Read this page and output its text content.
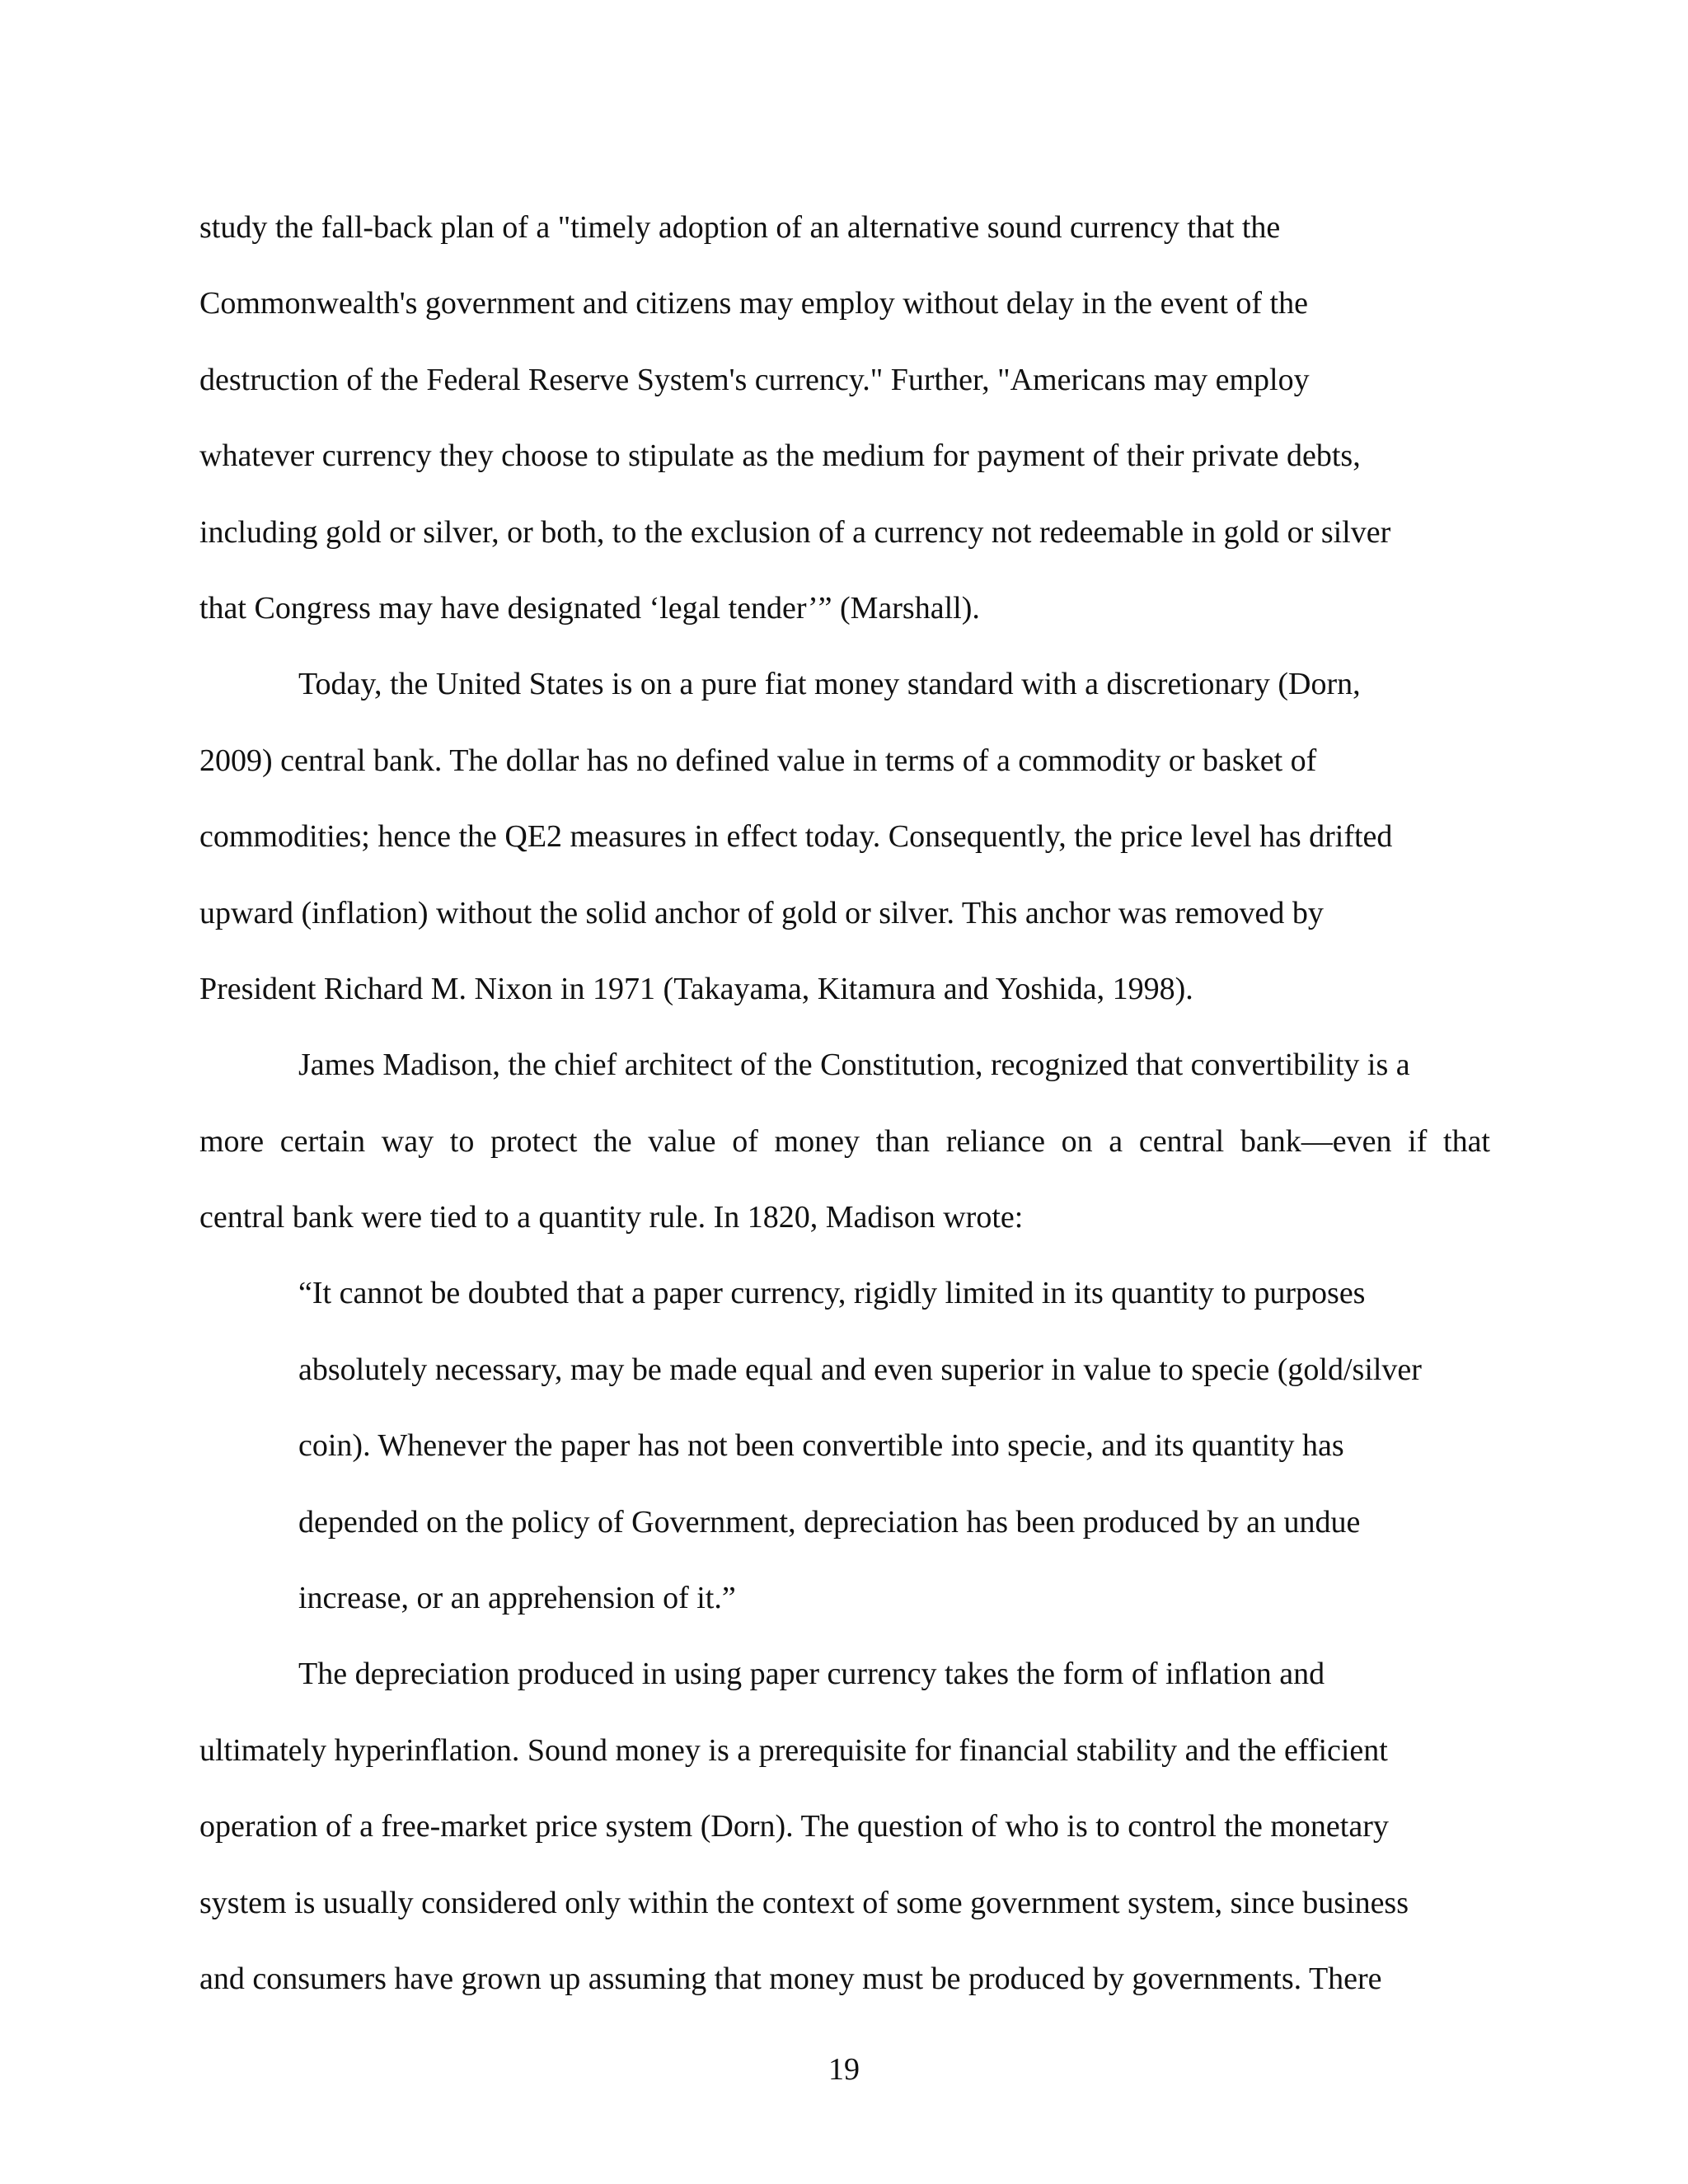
study the fall-back plan of a "timely adoption of an alternative sound currency that the
Commonwealth's government and citizens may employ without delay in the event of the
destruction of the Federal Reserve System's currency." Further, "Americans may employ
whatever currency they choose to stipulate as the medium for payment of their private debts,
including gold or silver, or both, to the exclusion of a currency not redeemable in gold or silver
that Congress may have designated ‘legal tender’” (Marshall).
Today, the United States is on a pure fiat money standard with a discretionary (Dorn,
2009) central bank. The dollar has no defined value in terms of a commodity or basket of
commodities; hence the QE2 measures in effect today. Consequently, the price level has drifted
upward (inflation) without the solid anchor of gold or silver. This anchor was removed by
President Richard M. Nixon in 1971 (Takayama, Kitamura and Yoshida, 1998).
James Madison, the chief architect of the Constitution, recognized that convertibility is a
more certain way to protect the value of money than reliance on a central bank—even if that
central bank were tied to a quantity rule. In 1820, Madison wrote:
“It cannot be doubted that a paper currency, rigidly limited in its quantity to purposes
absolutely necessary, may be made equal and even superior in value to specie (gold/silver
coin). Whenever the paper has not been convertible into specie, and its quantity has
depended on the policy of Government, depreciation has been produced by an undue
increase, or an apprehension of it.”
The depreciation produced in using paper currency takes the form of inflation and
ultimately hyperinflation. Sound money is a prerequisite for financial stability and the efficient
operation of a free-market price system (Dorn). The question of who is to control the monetary
system is usually considered only within the context of some government system, since business
and consumers have grown up assuming that money must be produced by governments. There
19
